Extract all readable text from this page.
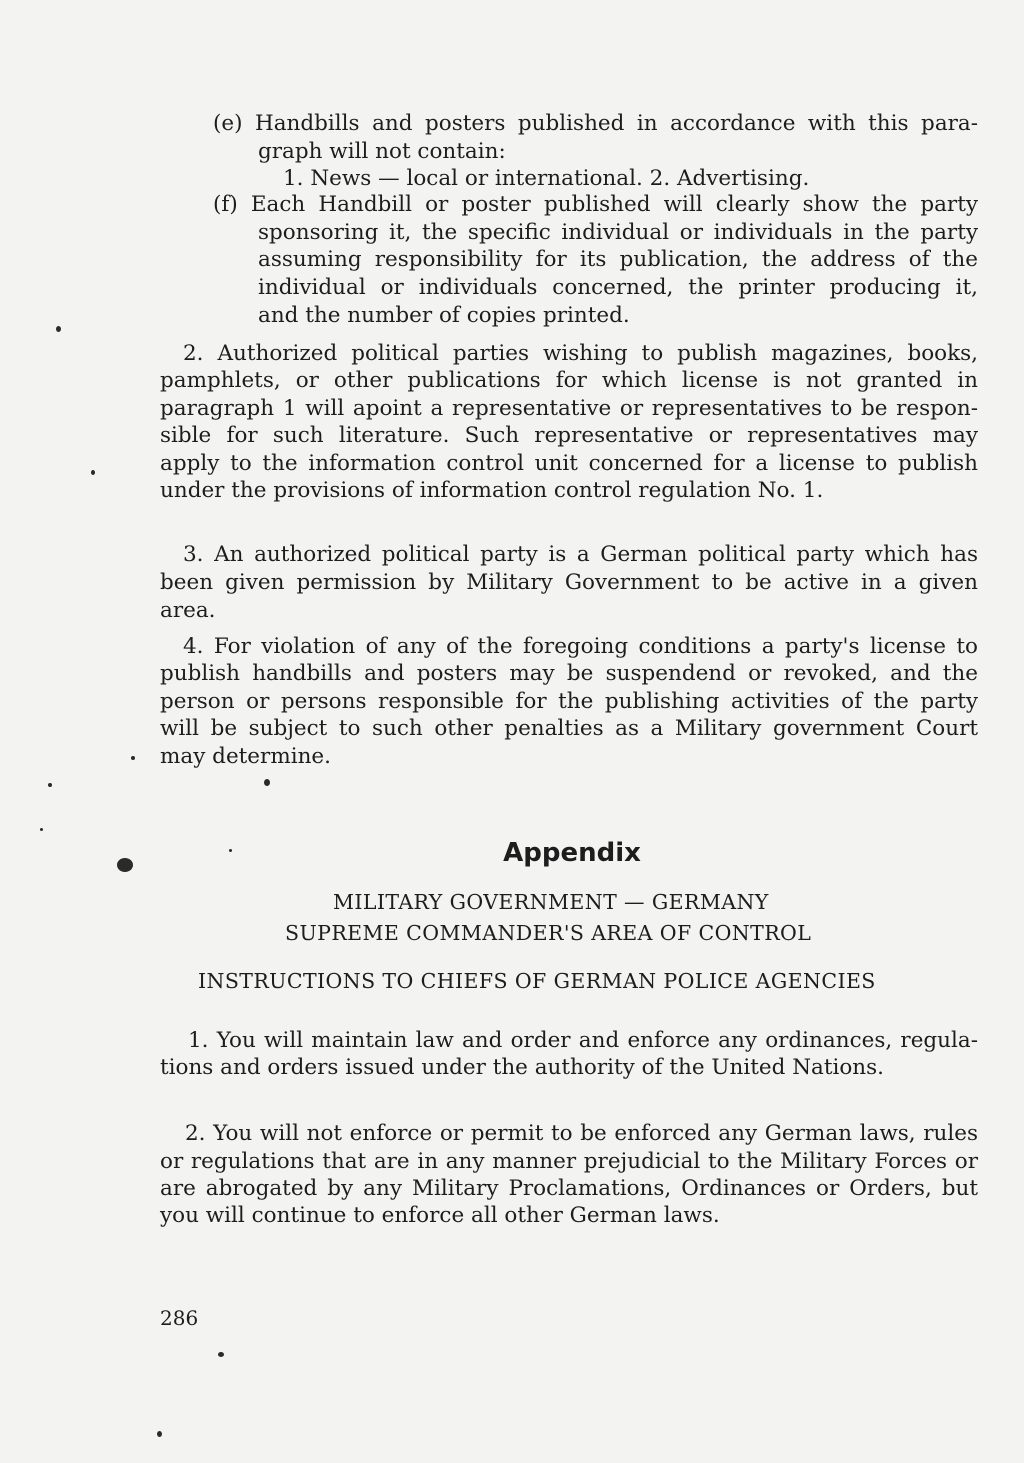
(e) Handbills and posters published in accordance with this para-
graph will not contain:
1. News — local or international. 2. Advertising.
(f) Each Handbill or poster published will clearly show the party
sponsoring it, the specific individual or individuals in the party
assuming responsibility for its publication, the address of the
individual or individuals concerned, the printer producing it,
and the number of copies printed.
2. Authorized political parties wishing to publish magazines, books,
pamphlets, or other publications for which license is not granted in
paragraph 1 will apoint a representative or representatives to be respon-
sible for such literature. Such representative or representatives may
apply to the information control unit concerned for a license to publish
under the provisions of information control regulation No. 1.
3. An authorized political party is a German political party which has
been given permission by Military Government to be active in a given
area.
4. For violation of any of the foregoing conditions a party's license to
publish handbills and posters may be suspendend or revoked, and the
person or persons responsible for the publishing activities of the party
will be subject to such other penalties as a Military government Court
may determine.
Appendix
MILITARY GOVERNMENT — GERMANY
SUPREME COMMANDER'S AREA OF CONTROL
INSTRUCTIONS TO CHIEFS OF GERMAN POLICE AGENCIES
1. You will maintain law and order and enforce any ordinances, regula-
tions and orders issued under the authority of the United Nations.
2. You will not enforce or permit to be enforced any German laws, rules
or regulations that are in any manner prejudicial to the Military Forces or
are abrogated by any Military Proclamations, Ordinances or Orders, but
you will continue to enforce all other German laws.
286
